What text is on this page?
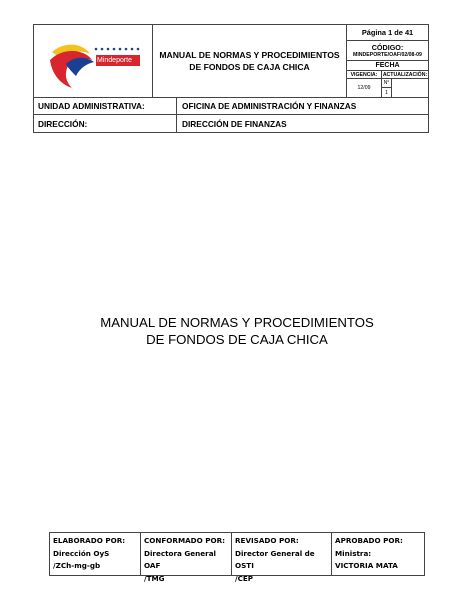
Mindeporte
MANUAL DE NORMAS Y PROCEDIMIENTOS
DE FONDOS DE CAJA CHICA
Página 1 de 41
CÓDIGO:
MINDEPORTE/OAF/02/08-09
FECHA
VIGENCIA: ACTUALIZACIÓN:
12/09
N°
1
UNIDAD ADMINISTRATIVA:	OFICINA DE ADMINISTRACIÓN Y FINANZAS
DIRECCIÓN:	DIRECCIÓN DE FINANZAS
MANUAL DE NORMAS Y PROCEDIMIENTOS
DE FONDOS DE CAJA CHICA
ELABORADO POR:
Dirección OyS
/ZCh-mg-gb
CONFORMADO POR:
Directora General OAF
/TMG
REVISADO POR:
Director General de OSTI
/CEP
APROBADO POR:
Ministra:
VICTORIA MATA
